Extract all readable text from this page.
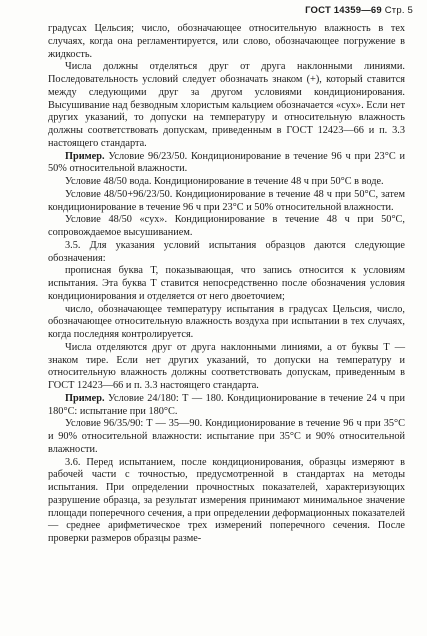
ГОСТ 14359—69 Стр. 5

градусах Цельсия; число, обозначающее относительную влажность в тех случаях, когда она регламентируется, или слово, обозначающее погружение в жидкость.

Числа должны отделяться друг от друга наклонными линиями. Последовательность условий следует обозначать знаком (+), который ставится между следующими друг за другом условиями кондиционирования. Высушивание над безводным хлористым кальцием обозначается «сух». Если нет других указаний, то допуски на температуру и относительную влажность должны соответствовать допускам, приведенным в ГОСТ 12423—66 и п. 3.3 настоящего стандарта.

Пример. Условие 96/23/50. Кондиционирование в течение 96 ч при 23°С и 50% относительной влажности.

Условие 48/50 вода. Кондиционирование в течение 48 ч при 50°С в воде.

Условие 48/50+96/23/50. Кондиционирование в течение 48 ч при 50°С, затем кондиционирование в течение 96 ч при 23°С и 50% относительной влажности.

Условие 48/50 «сух». Кондиционирование в течение 48 ч при 50°С, сопровождаемое высушиванием.

3.5. Для указания условий испытания образцов даются следующие обозначения:

прописная буква Т, показывающая, что запись относится к условиям испытания. Эта буква Т ставится непосредственно после обозначения условия кондиционирования и отделяется от него двоеточием;

число, обозначающее температуру испытания в градусах Цельсия, число, обозначающее относительную влажность воздуха при испытании в тех случаях, когда последняя контролируется.

Числа отделяются друг от друга наклонными линиями, а от буквы Т — знаком тире. Если нет других указаний, то допуски на температуру и относительную влажность должны соответствовать допускам, приведенным в ГОСТ 12423—66 и п. 3.3 настоящего стандарта.

Пример. Условие 24/180: Т — 180. Кондиционирование в течение 24 ч при 180°С: испытание при 180°С.

Условие 96/35/90: Т — 35—90. Кондиционирование в течение 96 ч при 35°С и 90% относительной влажности: испытание при 35°С и 90% относительной влажности.

3.6. Перед испытанием, после кондиционирования, образцы измеряют в рабочей части с точностью, предусмотренной в стандартах на методы испытания. При определении прочностных показателей, характеризующих разрушение образца, за результат измерения принимают минимальное значение площади поперечного сечения, а при определении деформационных показателей — среднее арифметическое трех измерений поперечного сечения. После проверки размеров образцы разме-
